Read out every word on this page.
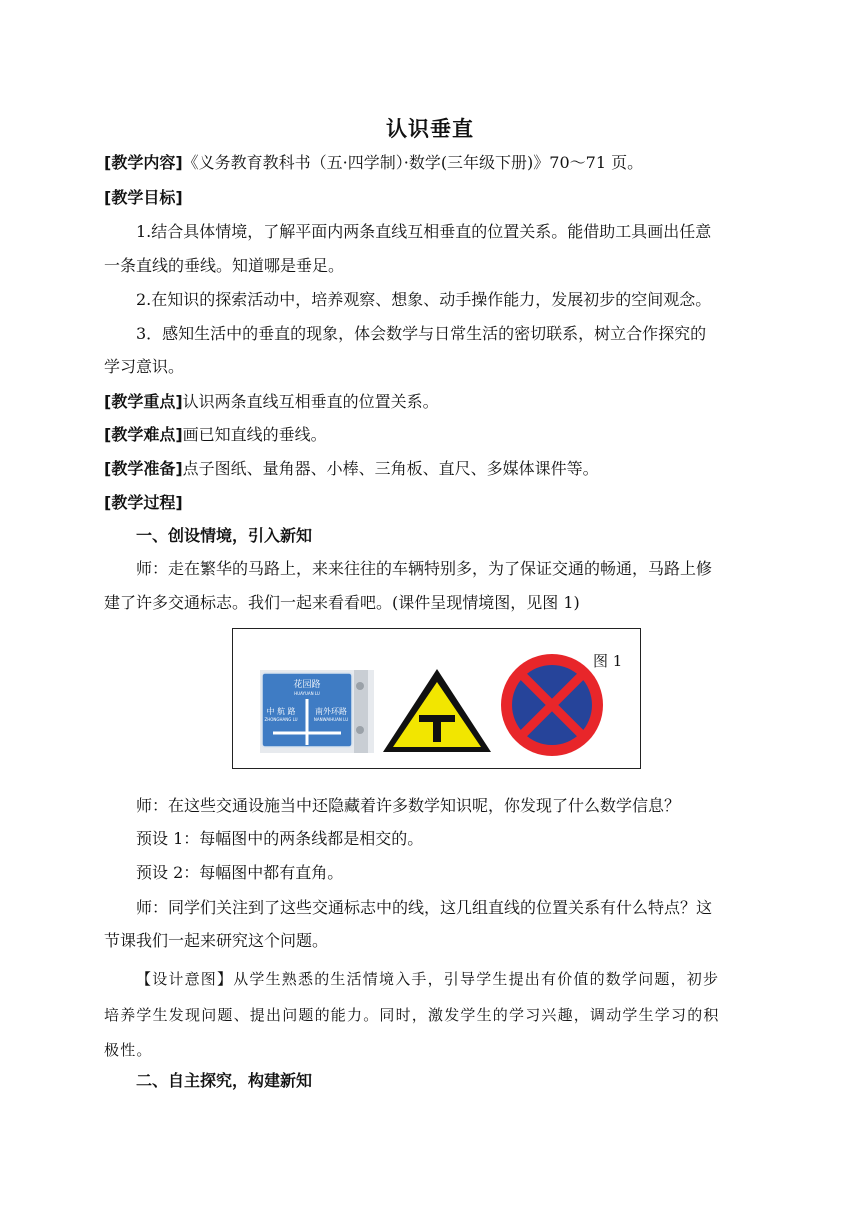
认识垂直
[教学内容]《义务教育教科书（五·四学制）·数学(三年级下册)》70～71 页。
[教学目标]
1.结合具体情境，了解平面内两条直线互相垂直的位置关系。能借助工具画出任意
一条直线的垂线。知道哪是垂足。
2.在知识的探索活动中，培养观察、想象、动手操作能力，发展初步的空间观念。
3．感知生活中的垂直的现象，体会数学与日常生活的密切联系，树立合作探究的
学习意识。
[教学重点]认识两条直线互相垂直的位置关系。
[教学难点]画已知直线的垂线。
[教学准备]点子图纸、量角器、小棒、三角板、直尺、多媒体课件等。
[教学过程]
一、创设情境，引入新知
师：走在繁华的马路上，来来往往的车辆特别多，为了保证交通的畅通，马路上修
建了许多交通标志。我们一起来看看吧。(课件呈现情境图，见图 1)
花园路
HUAYUAN LU
中 航 路
ZHONGHANG LU
南外环路
NANWAIHUAN LU
图 1
师：在这些交通设施当中还隐藏着许多数学知识呢，你发现了什么数学信息？
预设 1：每幅图中的两条线都是相交的。
预设 2：每幅图中都有直角。
师：同学们关注到了这些交通标志中的线，这几组直线的位置关系有什么特点？这
节课我们一起来研究这个问题。
【设计意图】从学生熟悉的生活情境入手，引导学生提出有价值的数学问题，初步
培养学生发现问题、提出问题的能力。同时，激发学生的学习兴趣，调动学生学习的积
极性。
二、自主探究，构建新知
